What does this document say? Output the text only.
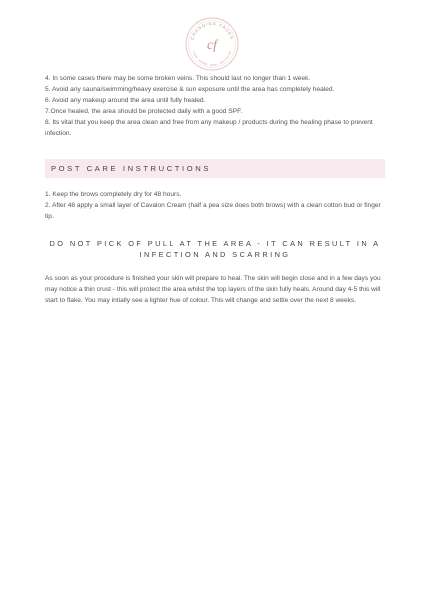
CHANGING FACES
LASH · BROW · SKIN · AESTHETIC
cf

4. In some cases there may be some broken veins. This should last no longer than 1 week.

5. Avoid any sauna/swimming/heavy exercise & sun exposure until the area has completely healed.

6. Avoid any makeup around the area until fully healed.

7.Once healed, the area should be protected daily with a good SPF.

8. Its vital that you keep the area clean and free from any makeup / products during the healing phase to prevent infection.

POST CARE INSTRUCTIONS

1. Keep the brows completely dry for 48 hours.

2. After 48 apply a small layer of Cavalon Cream (half a pea size does both brows) with a clean cotton bud or finger tip.

DO NOT PICK OF PULL AT THE AREA - IT CAN RESULT IN A
INFECTION AND SCARRING

As soon as your procedure is finished your skin will prepare to heal. The skin will begin close and in a few days you may notice a thin crust - this will protect the area whilst the top layers of the skin fully heals. Around day 4-5 this will start to flake. You may intially see a lighter hue of colour. This will change and settle over the next 8 weeks.
